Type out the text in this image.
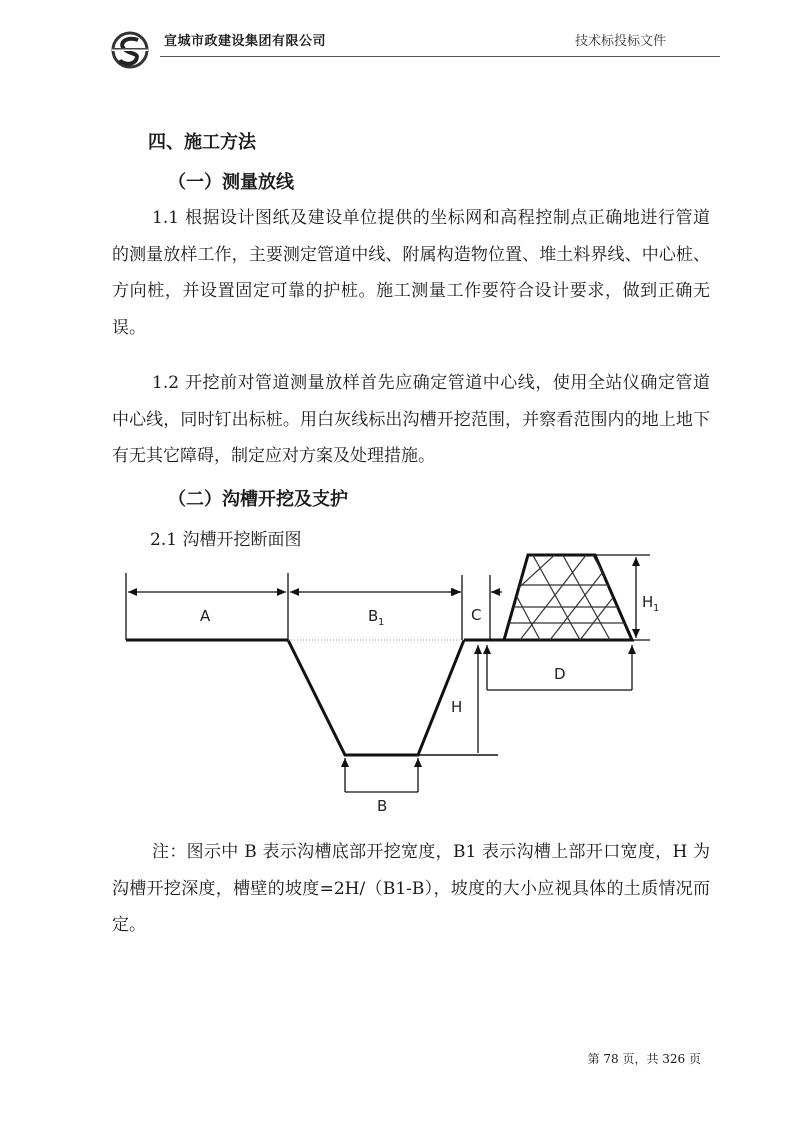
宣城市政建设集团有限公司	技术标投标文件
四、施工方法
（一）测量放线
1.1 根据设计图纸及建设单位提供的坐标网和高程控制点正确地进行管道的测量放样工作，主要测定管道中线、附属构造物位置、堆土料界线、中心桩、方向桩，并设置固定可靠的护桩。施工测量工作要符合设计要求，做到正确无误。
1.2 开挖前对管道测量放样首先应确定管道中心线，使用全站仪确定管道中心线，同时钉出标桩。用白灰线标出沟槽开挖范围，并察看范围内的地上地下有无其它障碍，制定应对方案及处理措施。
（二）沟槽开挖及支护
2.1 沟槽开挖断面图
A	B 1	C
H 1
D
H
B
注：图示中 B 表示沟槽底部开挖宽度，B1 表示沟槽上部开口宽度，H 为沟槽开挖深度，槽壁的坡度=2H/（B1-B），坡度的大小应视具体的土质情况而定。
第 78 页，共 326 页
